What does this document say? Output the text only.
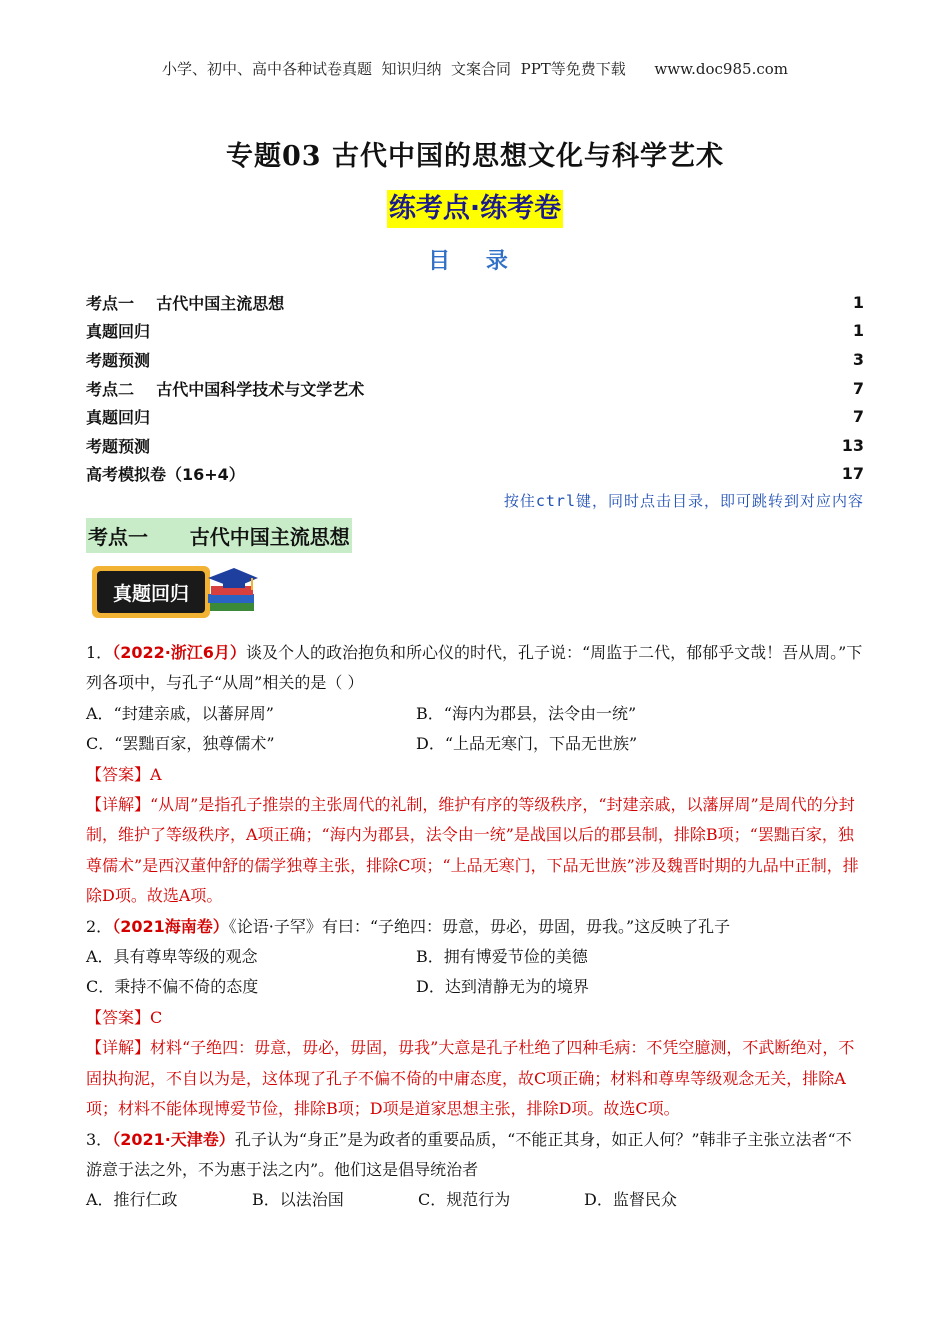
小学、初中、高中各种试卷真题  知识归纳  文案合同  PPT等免费下载      www.doc985.com
专题03 古代中国的思想文化与科学艺术
练考点·练考卷
目 录
考点一    古代中国主流思想	1
真题回归	1
考题预测	3
考点二    古代中国科学技术与文学艺术	7
真题回归	7
考题预测	13
高考模拟卷（16+4）	17
按住ctrl键，同时点击目录，即可跳转到对应内容
考点一      古代中国主流思想
真题回归

1．（2022·浙江6月）谈及个人的政治抱负和所心仪的时代，孔子说：“周监于二代，郁郁乎文哉！吾从周。”下列各项中，与孔子“从周”相关的是（ ）

A．“封建亲戚，以蕃屏周”	B．“海内为郡县，法令由一统”
C．“罢黜百家，独尊儒术”	D．“上品无寒门，下品无世族”

【答案】A

【详解】“从周”是指孔子推崇的主张周代的礼制，维护有序的等级秩序，“封建亲戚，以藩屏周”是周代的分封制，维护了等级秩序，A项正确；“海内为郡县，法令由一统”是战国以后的郡县制，排除B项；“罢黜百家，独尊儒术”是西汉董仲舒的儒学独尊主张，排除C项；“上品无寒门，下品无世族”涉及魏晋时期的九品中正制，排除D项。故选A项。

2．（2021海南卷）《论语·子罕》有曰：“子绝四：毋意，毋必，毋固，毋我。”这反映了孔子

A．具有尊卑等级的观念	B．拥有博爱节俭的美德
C．秉持不偏不倚的态度	D．达到清静无为的境界

【答案】C

【详解】材料“子绝四：毋意，毋必，毋固，毋我”大意是孔子杜绝了四种毛病：不凭空臆测，不武断绝对，不固执拘泥，不自以为是，这体现了孔子不偏不倚的中庸态度，故C项正确；材料和尊卑等级观念无关，排除A项；材料不能体现博爱节俭，排除B项；D项是道家思想主张，排除D项。故选C项。

3．（2021·天津卷）孔子认为“身正”是为政者的重要品质，“不能正其身，如正人何？”韩非子主张立法者“不游意于法之外，不为惠于法之内”。他们这是倡导统治者

A．推行仁政	B．以法治国	C．规范行为	D．监督民众
